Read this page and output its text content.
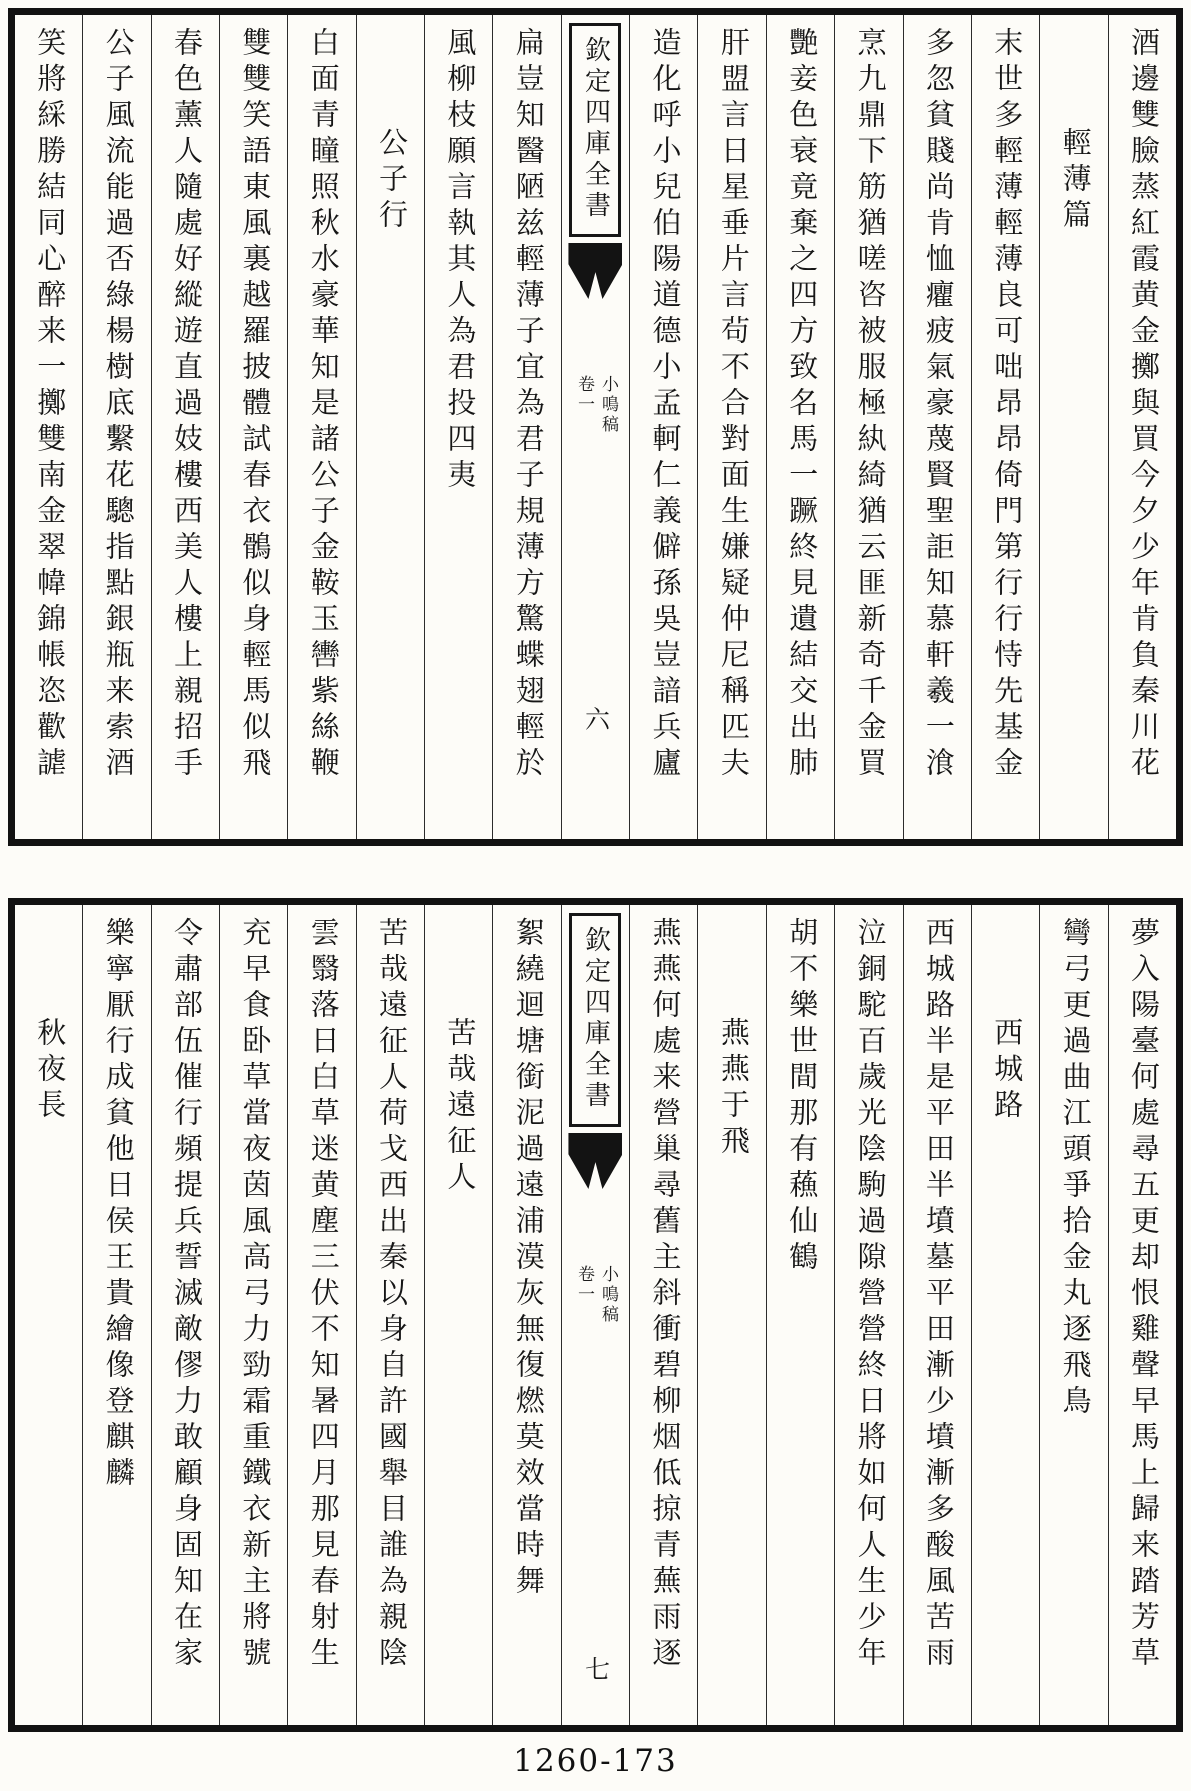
酒邊雙臉蒸紅霞黄金擲與買今夕少年肯負秦川花
輕薄篇
末世多輕薄輕薄良可咄昂昂倚門第行行恃先基金
多忽貧賤尚肯恤癯疲氣豪蔑賢聖詎知慕軒羲一湌
烹九鼎下筋猶嗟咨被服極紈綺猶云匪新奇千金買
艷妾色衰竟棄之四方致名馬一蹶終見遺結交出肺
肝盟言日星垂片言茍不合對面生嫌疑仲尼稱匹夫
造化呼小兒伯陽道德小孟軻仁義僻孫吳豈諳兵廬
欽定四庫全書
小鳴稿
卷一
六
扁豈知醫陋兹輕薄子宜為君子規薄方驚蝶翅輕於
風柳枝願言執其人為君投四夷
公子行
白面青瞳照秋水豪華知是諸公子金鞍玉轡紫絲鞭
雙雙笑語東風裏越羅披體試春衣鶻似身輕馬似飛
春色薰人隨處好縱遊直過妓樓西美人樓上親招手
公子風流能過否綠楊樹底繫花驄指點銀瓶来索酒
笑將綵勝結同心醉来一擲雙南金翠幃錦帳恣歡謔
夢入陽臺何處尋五更却恨雞聲早馬上歸来踏芳草
彎弓更過曲江頭爭拾金丸逐飛鳥
西城路
西城路半是平田半墳墓平田漸少墳漸多酸風苦雨
泣銅駝百歲光陰駒過隙營營終日將如何人生少年
胡不樂世間那有蘓仙鶴
燕燕于飛
燕燕何處来營巢尋舊主斜衝碧柳烟低掠青蕪雨逐
欽定四庫全書
小鳴稿
卷一
七
絮繞迴塘銜泥過遠浦漠灰無復燃莫效當時舞
苦哉遠征人
苦哉遠征人荷戈西出秦以身自許國舉目誰為親陰
雲翳落日白草迷黄塵三伏不知暑四月那見春射生
充早食卧草當夜茵風高弓力勁霜重鐵衣新主將號
令肅部伍催行頻提兵誓滅敵僇力敢顧身固知在家
樂寧厭行成貧他日侯王貴繪像登麒麟
秋夜長
1260-173
